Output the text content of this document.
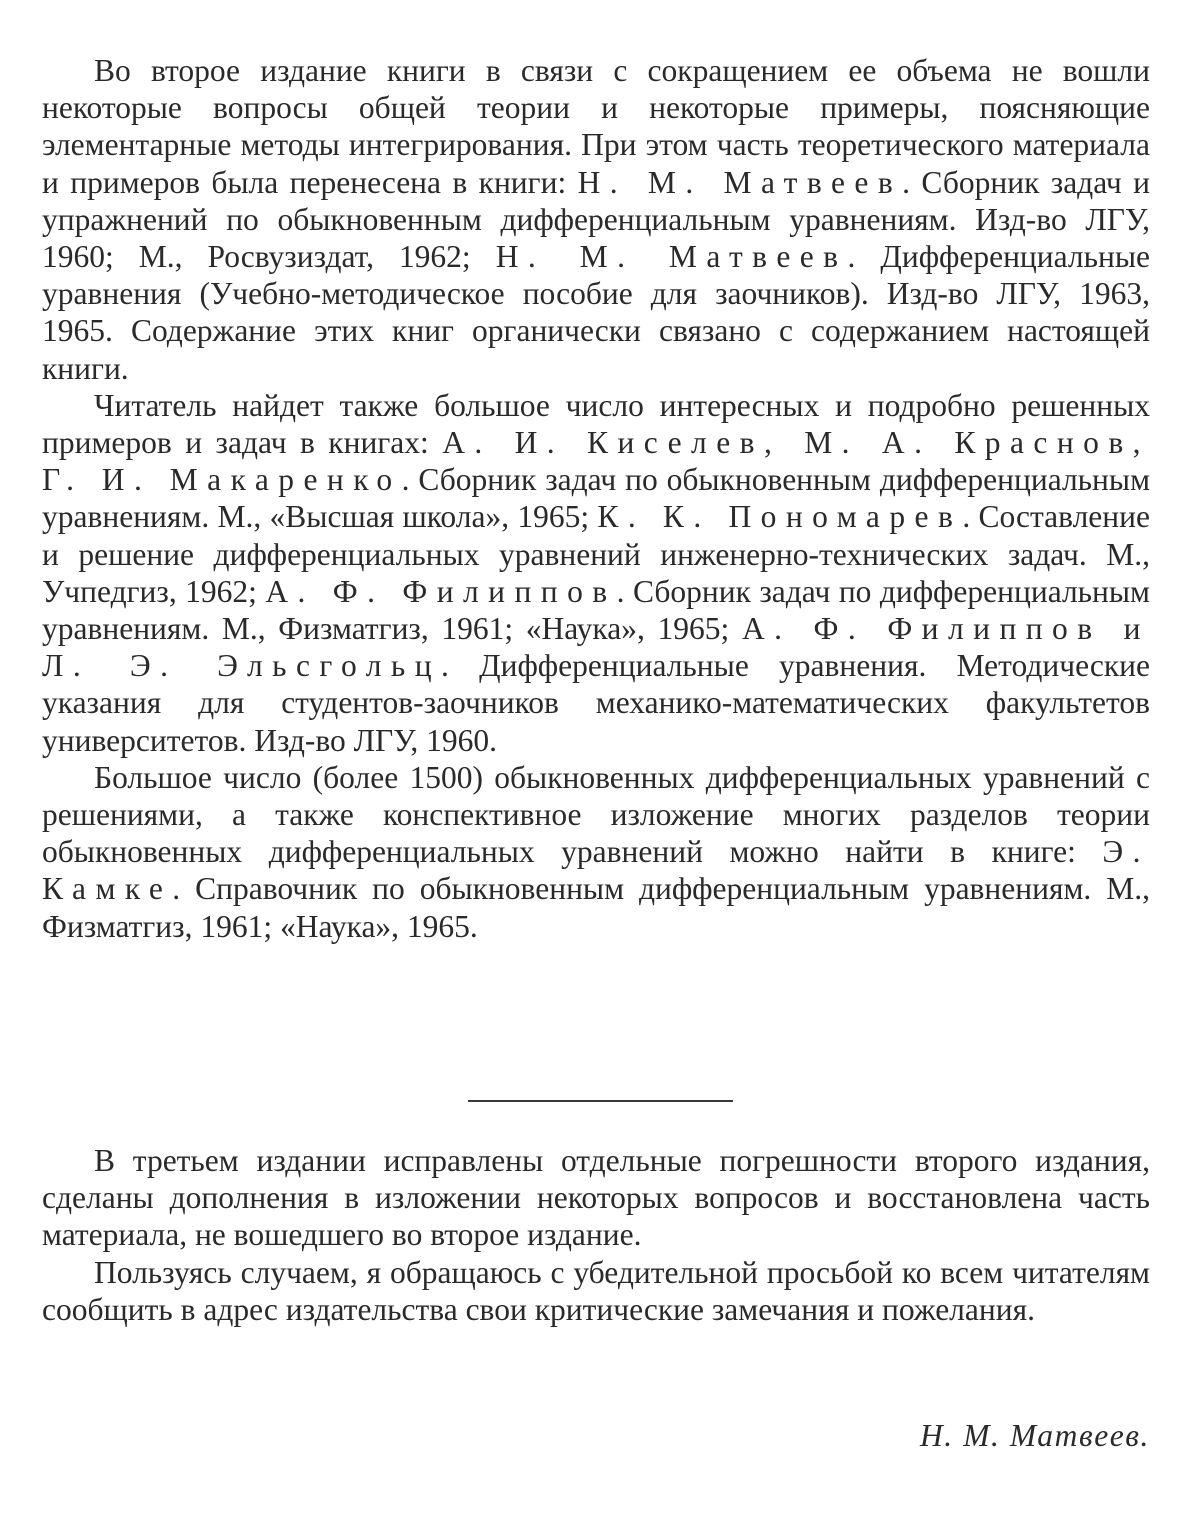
Во второе издание книги в связи с сокращением ее объема не вошли некоторые вопросы общей теории и некоторые примеры, поясняющие элементарные методы интегрирования. При этом часть теоретического материала и примеров была перенесена в книги: Н. М. Матвеев. Сборник задач и упражнений по обыкновенным дифференциальным уравнениям. Изд-во ЛГУ, 1960; М., Росвузиздат, 1962; Н. М. Матвеев. Дифференциальные уравнения (Учебно-методическое пособие для заочников). Изд-во ЛГУ, 1963, 1965. Содержание этих книг органически связано с содержанием настоящей книги.

Читатель найдет также большое число интересных и подробно решенных примеров и задач в книгах: А. И. Киселев, М. А. Краснов, Г. И. Макаренко. Сборник задач по обыкновенным дифференциальным уравнениям. М., «Высшая школа», 1965; К. К. Пономарев. Составление и решение дифференциальных уравнений инженерно-технических задач. М., Учпедгиз, 1962; А. Ф. Филиппов. Сборник задач по дифференциальным уравнениям. М., Физматгиз, 1961; «Наука», 1965; А. Ф. Филиппов и Л. Э. Эльсгольц. Дифференциальные уравнения. Методические указания для студентов-заочников механико-математических факультетов университетов. Изд-во ЛГУ, 1960.

Большое число (более 1500) обыкновенных дифференциальных уравнений с решениями, а также конспективное изложение многих разделов теории обыкновенных дифференциальных уравнений можно найти в книге: Э. Камке. Справочник по обыкновенным дифференциальным уравнениям. М., Физматгиз, 1961; «Наука», 1965.

В третьем издании исправлены отдельные погрешности второго издания, сделаны дополнения в изложении некоторых вопросов и восстановлена часть материала, не вошедшего во второе издание.

Пользуясь случаем, я обращаюсь с убедительной просьбой ко всем читателям сообщить в адрес издательства свои критические замечания и пожелания.

Н. М. Матвеев.
